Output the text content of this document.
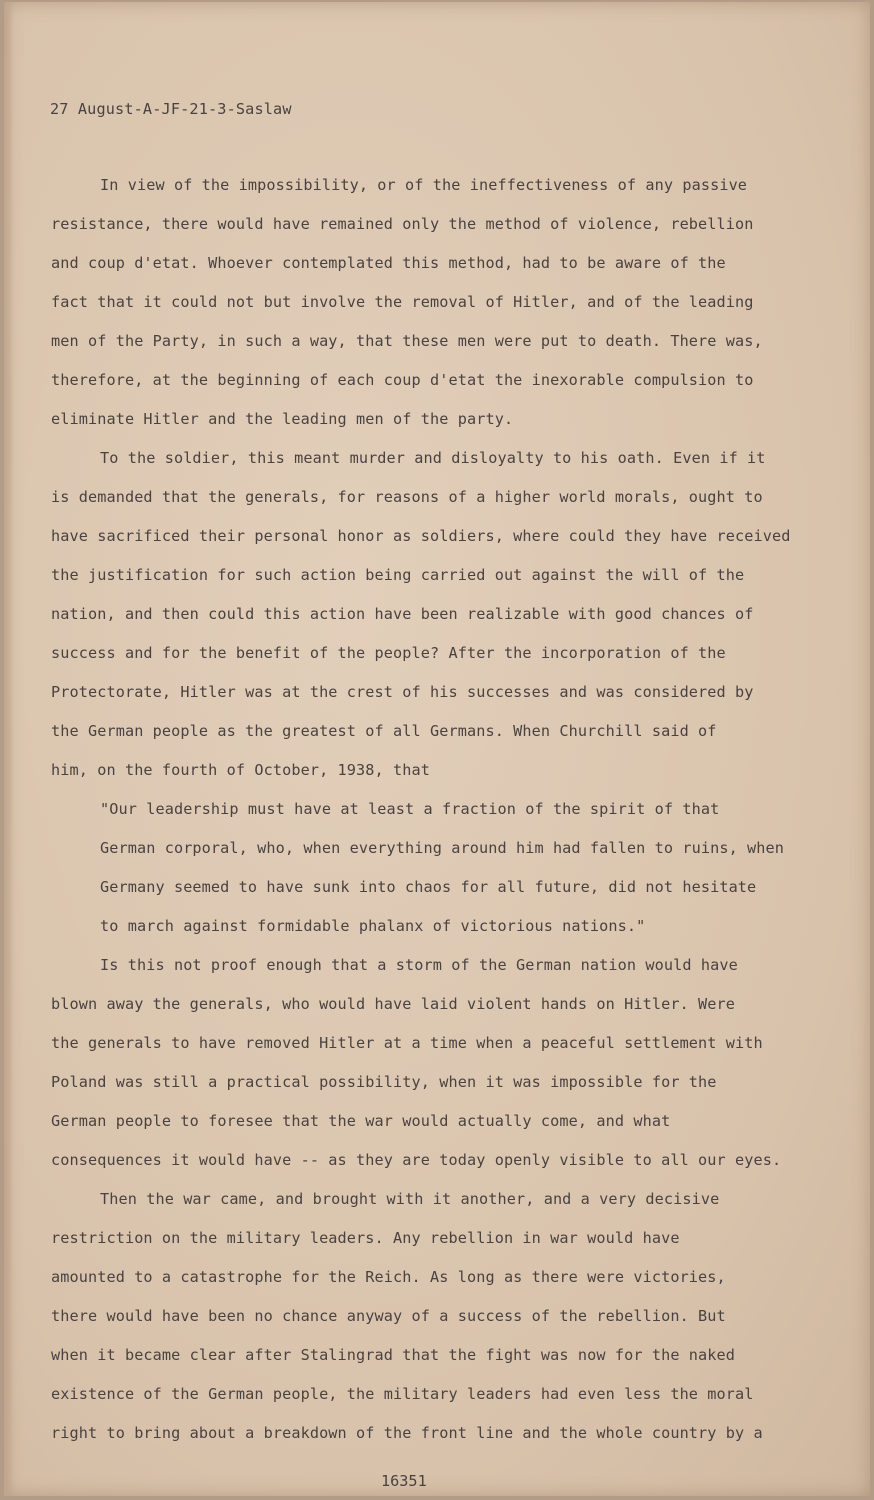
27 August-A-JF-21-3-Saslaw
In view of the impossibility, or of the ineffectiveness of any passive
resistance, there would have remained only the method of violence, rebellion
and coup d'etat. Whoever contemplated this method, had to be aware of the
fact that it could not but involve the removal of Hitler, and of the leading
men of the Party, in such a way, that these men were put to death. There was,
therefore, at the beginning of each coup d'etat the inexorable compulsion to
eliminate Hitler and the leading men of the party.
To the soldier, this meant murder and disloyalty to his oath. Even if it
is demanded that the generals, for reasons of a higher world morals, ought to
have sacrificed their personal honor as soldiers, where could they have received
the justification for such action being carried out against the will of the
nation, and then could this action have been realizable with good chances of
success and for the benefit of the people? After the incorporation of the
Protectorate, Hitler was at the crest of his successes and was considered by
the German people as the greatest of all Germans. When Churchill said of
him, on the fourth of October, 1938, that
"Our leadership must have at least a fraction of the spirit of that
German corporal, who, when everything around him had fallen to ruins, when
Germany seemed to have sunk into chaos for all future, did not hesitate
to march against formidable phalanx of victorious nations."
Is this not proof enough that a storm of the German nation would have
blown away the generals, who would have laid violent hands on Hitler. Were
the generals to have removed Hitler at a time when a peaceful settlement with
Poland was still a practical possibility, when it was impossible for the
German people to foresee that the war would actually come, and what
consequences it would have -- as they are today openly visible to all our eyes.
Then the war came, and brought with it another, and a very decisive
restriction on the military leaders. Any rebellion in war would have
amounted to a catastrophe for the Reich. As long as there were victories,
there would have been no chance anyway of a success of the rebellion. But
when it became clear after Stalingrad that the fight was now for the naked
existence of the German people, the military leaders had even less the moral
right to bring about a breakdown of the front line and the whole country by a
16351
